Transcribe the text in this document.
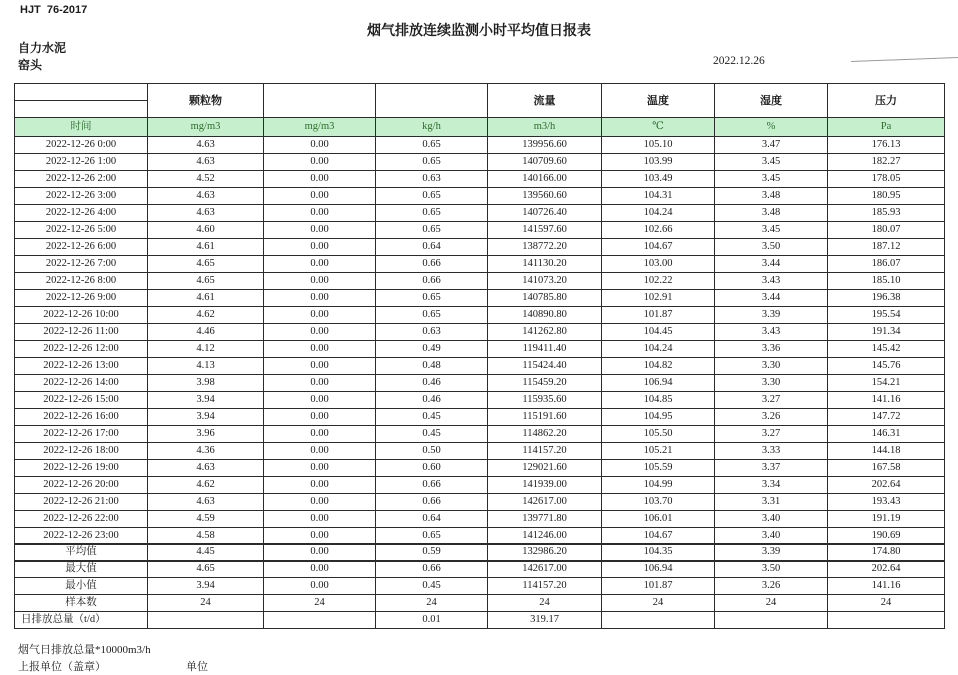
HJT  76-2017
烟气排放连续监测小时平均值日报表
自力水泥
窑头	2022.12.26
	颗粒物			流量	温度	湿度	压力

时间	mg/m3	mg/m3	kg/h	m3/h	℃	%	Pa
2022-12-26 0:00	4.63	0.00	0.65	139956.60	105.10	3.47	176.13
2022-12-26 1:00	4.63	0.00	0.65	140709.60	103.99	3.45	182.27
2022-12-26 2:00	4.52	0.00	0.63	140166.00	103.49	3.45	178.05
2022-12-26 3:00	4.63	0.00	0.65	139560.60	104.31	3.48	180.95
2022-12-26 4:00	4.63	0.00	0.65	140726.40	104.24	3.48	185.93
2022-12-26 5:00	4.60	0.00	0.65	141597.60	102.66	3.45	180.07
2022-12-26 6:00	4.61	0.00	0.64	138772.20	104.67	3.50	187.12
2022-12-26 7:00	4.65	0.00	0.66	141130.20	103.00	3.44	186.07
2022-12-26 8:00	4.65	0.00	0.66	141073.20	102.22	3.43	185.10
2022-12-26 9:00	4.61	0.00	0.65	140785.80	102.91	3.44	196.38
2022-12-26 10:00	4.62	0.00	0.65	140890.80	101.87	3.39	195.54
2022-12-26 11:00	4.46	0.00	0.63	141262.80	104.45	3.43	191.34
2022-12-26 12:00	4.12	0.00	0.49	119411.40	104.24	3.36	145.42
2022-12-26 13:00	4.13	0.00	0.48	115424.40	104.82	3.30	145.76
2022-12-26 14:00	3.98	0.00	0.46	115459.20	106.94	3.30	154.21
2022-12-26 15:00	3.94	0.00	0.46	115935.60	104.85	3.27	141.16
2022-12-26 16:00	3.94	0.00	0.45	115191.60	104.95	3.26	147.72
2022-12-26 17:00	3.96	0.00	0.45	114862.20	105.50	3.27	146.31
2022-12-26 18:00	4.36	0.00	0.50	114157.20	105.21	3.33	144.18
2022-12-26 19:00	4.63	0.00	0.60	129021.60	105.59	3.37	167.58
2022-12-26 20:00	4.62	0.00	0.66	141939.00	104.99	3.34	202.64
2022-12-26 21:00	4.63	0.00	0.66	142617.00	103.70	3.31	193.43
2022-12-26 22:00	4.59	0.00	0.64	139771.80	106.01	3.40	191.19
2022-12-26 23:00	4.58	0.00	0.65	141246.00	104.67	3.40	190.69

平均值	4.45	0.00	0.59	132986.20	104.35	3.39	174.80
最大值	4.65	0.00	0.66	142617.00	106.94	3.50	202.64
最小值	3.94	0.00	0.45	114157.20	101.87	3.26	141.16
样本数	24	24	24	24	24	24	24
日排放总量（t/d）			0.01	319.17			
烟气日排放总量*10000m3/h
上报单位（盖章）	单位
